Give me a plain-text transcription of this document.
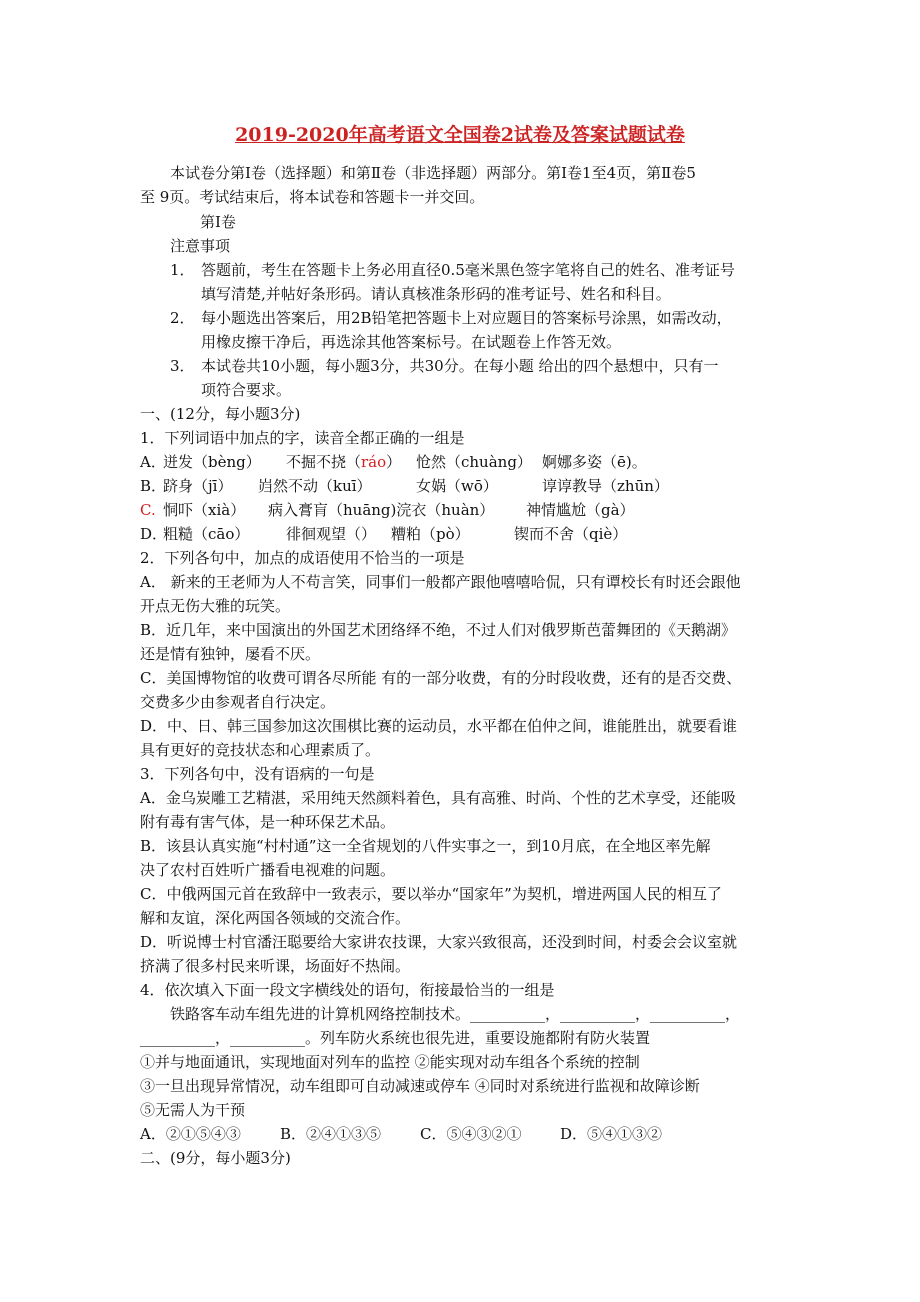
2019-2020年高考语文全国卷2试卷及答案试题试卷
本试卷分第Ⅰ卷（选择题）和第Ⅱ卷（非选择题）两部分。第Ⅰ卷1至4页，第Ⅱ卷5
至 9页。考试结束后，将本试卷和答题卡一并交回。
第Ⅰ卷
注意事项
1． 答题前，考生在答题卡上务必用直径0.5毫米黑色签字笔将自己的姓名、准考证号
填写清楚,并帖好条形码。请认真核准条形码的准考证号、姓名和科目。
2． 每小题选出答案后，用2B铅笔把答题卡上对应题目的答案标号涂黑，如需改动，
用橡皮擦干净后，再选涂其他答案标号。在试题卷上作答无效。
3． 本试卷共10小题，每小题3分，共30分。在每小题 给出的四个悬想中，只有一
项符合要求。
一、(12分，每小题3分)
1．下列词语中加点的字，读音全都正确的一组是
A．
迸发（bèng） 不掘不挠（ráo） 怆然（chuàng） 婀娜多姿（ē)。
B．
跻身（jī） 岿然不动（kuī）	女娲（wō）	谆谆教导（zhūn）
C. 恫吓（xià） 病入膏肓（huāng)浣衣（huàn） 神情尴尬（gà）
D．
粗糙（cāo） 徘徊观望（） 糟粕（pò）	锲而不舍（qiè）
2．下列各句中，加点的成语使用不恰当的一项是
A． 新来的王老师为人不苟言笑，同事们一般都产跟他嘻嘻哈侃，只有谭校长有时还会跟他
开点无伤大雅的玩笑。
B．近几年，来中国演出的外国艺术团络绎不绝，不过人们对俄罗斯芭蕾舞团的《天鹅湖》
还是情有独钟，屡看不厌。
C．美国博物馆的收费可谓各尽所能 有的一部分收费，有的分时段收费，还有的是否交费、
交费多少由参观者自行决定。
D．中、日、韩三国参加这次围棋比赛的运动员，水平都在伯仲之间，谁能胜出，就要看谁
具有更好的竞技状态和心理素质了。
3．下列各句中，没有语病的一句是
A．金乌炭雕工艺精湛，采用纯天然颜料着色，具有高雅、时尚、个性的艺术享受，还能吸
附有毒有害气体，是一种环保艺术品。
B．该县认真实施“村村通”这一全省规划的八件实事之一，到10月底，在全地区率先解
决了农村百姓听广播看电视难的问题。
C．中俄两国元首在致辞中一致表示，要以举办“国家年”为契机，增进两国人民的相互了
解和友谊，深化两国各领域的交流合作。
D．听说博士村官潘汪聪要给大家讲农技课，大家兴致很高，还没到时间，村委会会议室就
挤满了很多村民来听课，场面好不热闹。
4．依次填入下面一段文字横线处的语句，衔接最恰当的一组是
铁路客车动车组先进的计算机网络控制技术。__________，__________，__________，
__________，__________。列车防火系统也很先进，重要设施都附有防火装置
①并与地面通讯，实现地面对列车的监控 ②能实现对动车组各个系统的控制
③一旦出现异常情况，动车组即可自动减速或停车 ④同时对系统进行监视和故障诊断
⑤无需人为干预
A．②①⑤④③	B．②④①③⑤	C．⑤④③②①	D．⑤④①③②
二、(9分，每小题3分)
